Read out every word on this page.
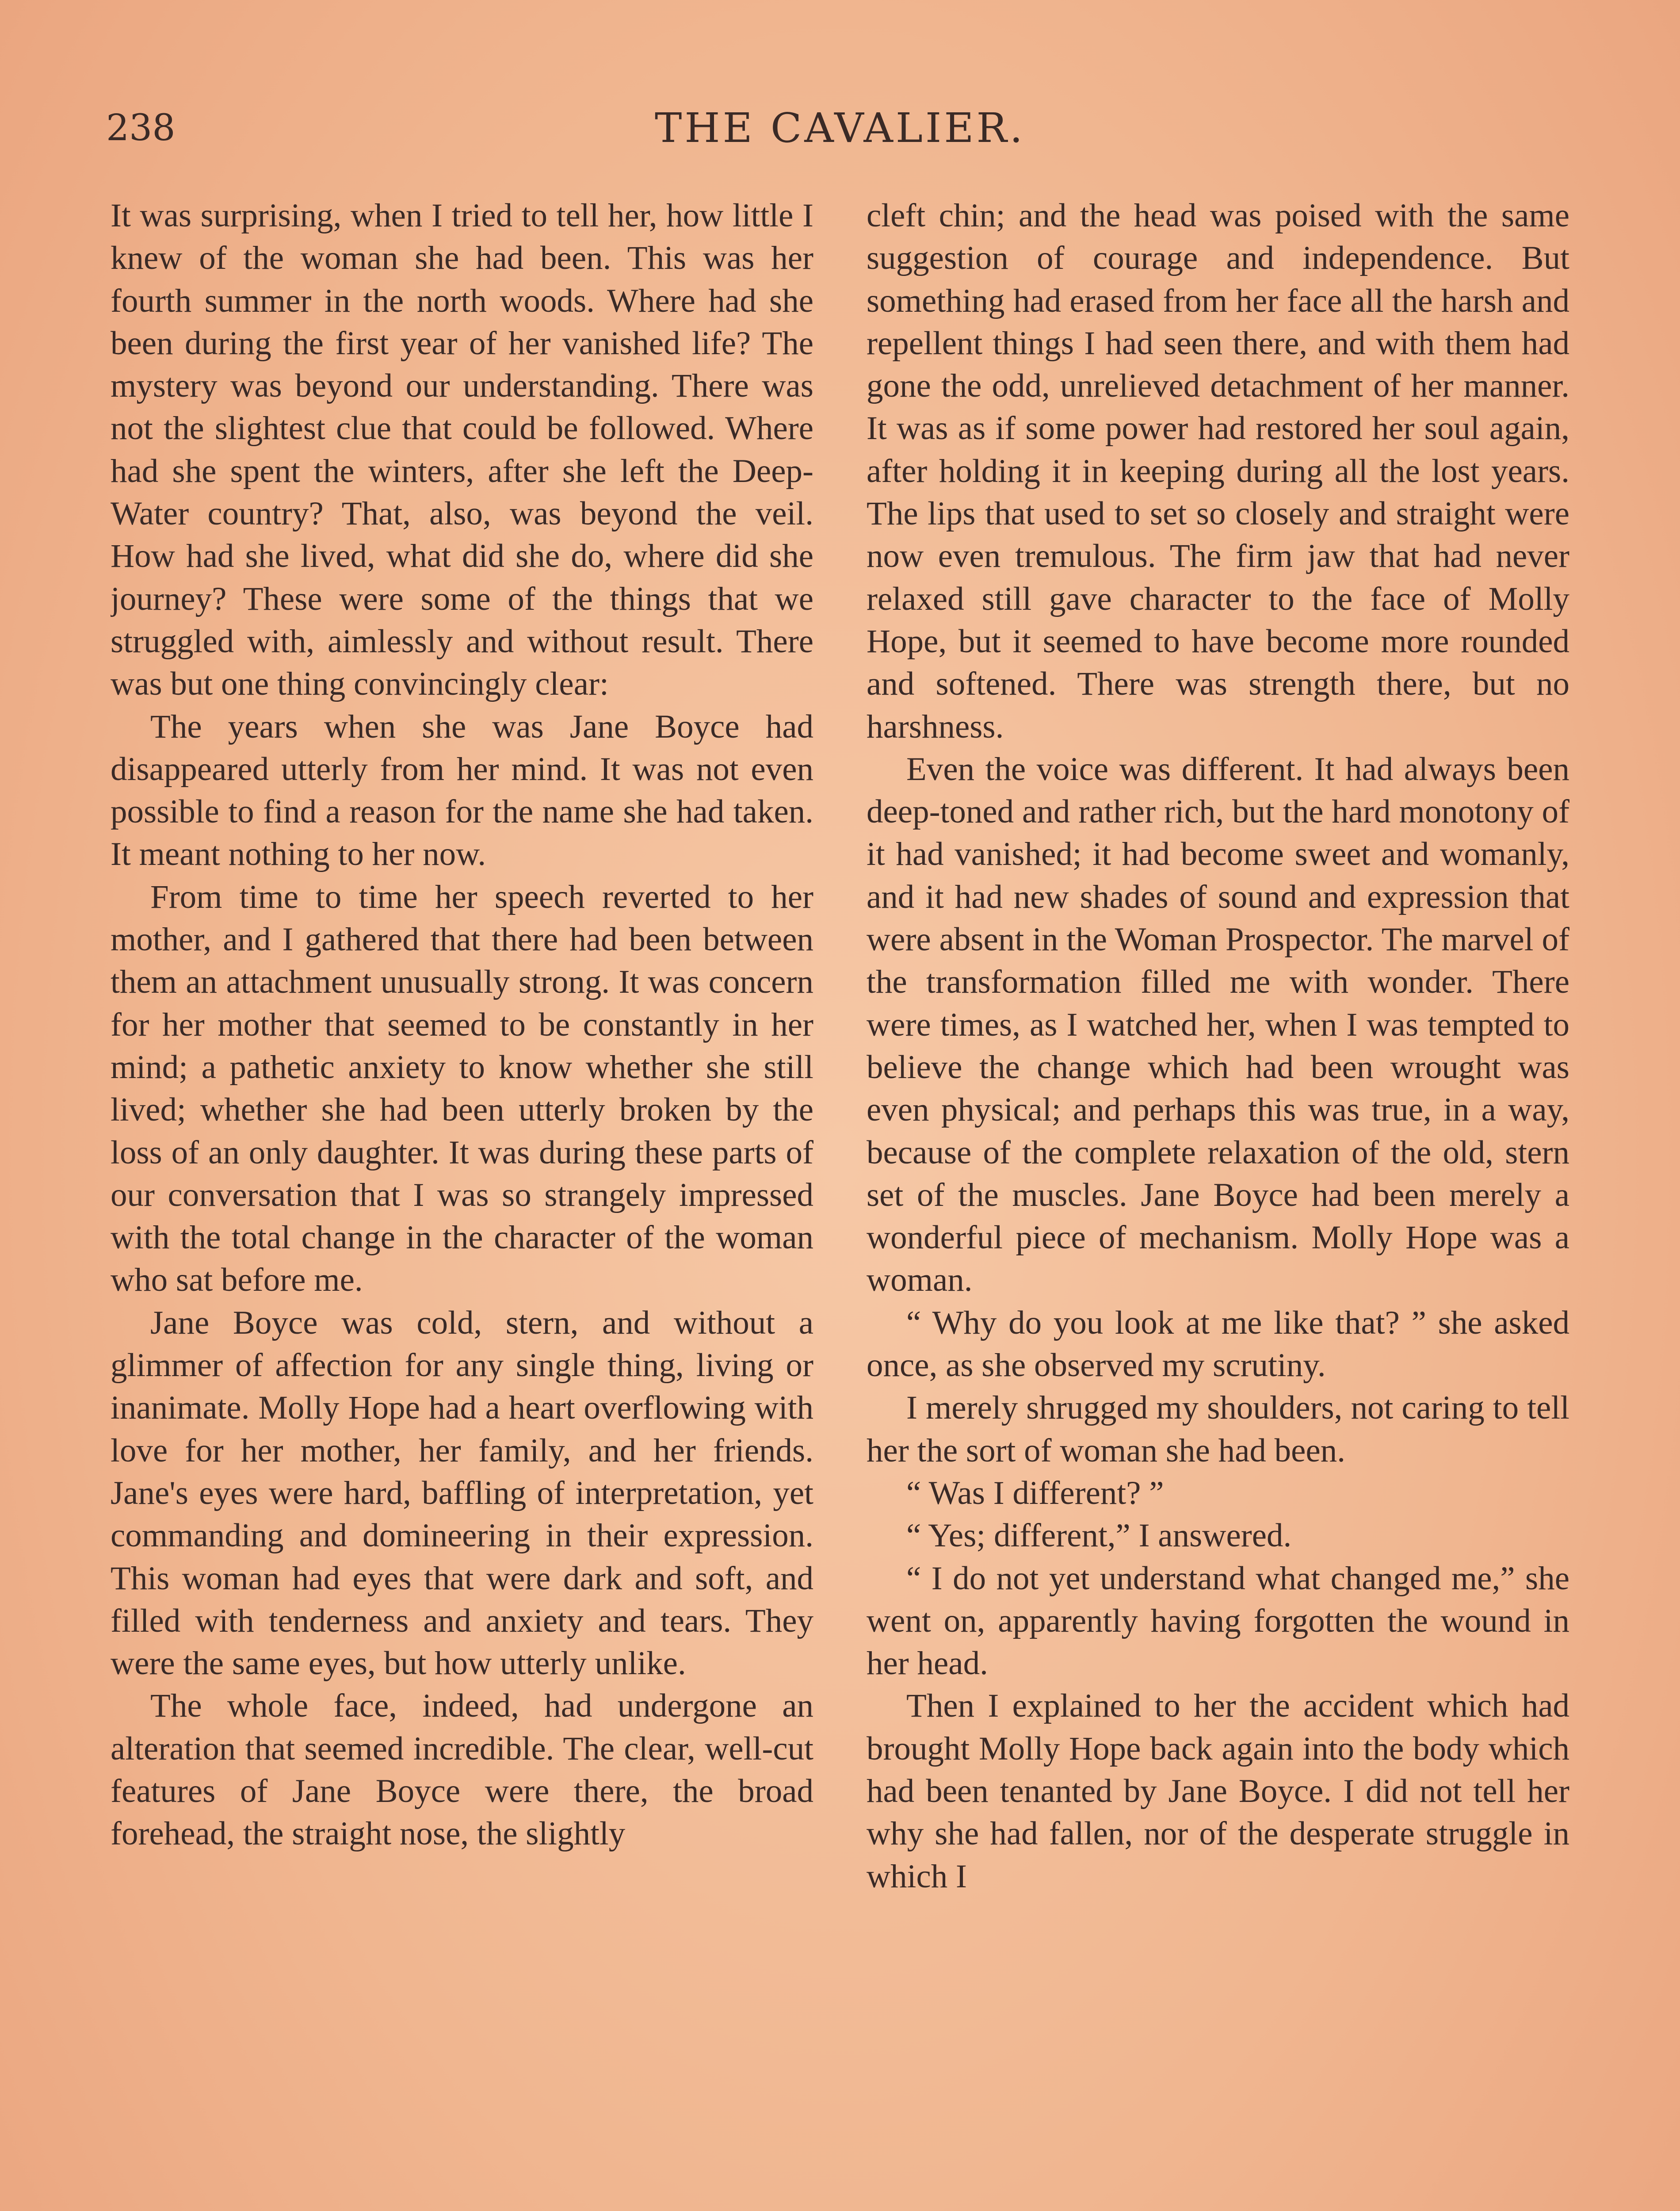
238	THE CAVALIER.

It was surprising, when I tried to tell her, how little I knew of the woman she had been. This was her fourth summer in the north woods. Where had she been during the first year of her vanished life? The mystery was beyond our understanding. There was not the slightest clue that could be followed. Where had she spent the winters, after she left the Deep-Water country? That, also, was beyond the veil. How had she lived, what did she do, where did she journey? These were some of the things that we struggled with, aimlessly and without result. There was but one thing convincingly clear:

The years when she was Jane Boyce had disappeared utterly from her mind. It was not even possible to find a reason for the name she had taken. It meant nothing to her now.

From time to time her speech reverted to her mother, and I gathered that there had been between them an attachment unusually strong. It was concern for her mother that seemed to be constantly in her mind; a pathetic anxiety to know whether she still lived; whether she had been utterly broken by the loss of an only daughter. It was during these parts of our conversation that I was so strangely impressed with the total change in the character of the woman who sat before me.

Jane Boyce was cold, stern, and without a glimmer of affection for any single thing, living or inanimate. Molly Hope had a heart overflowing with love for her mother, her family, and her friends. Jane's eyes were hard, baffling of interpretation, yet commanding and domineering in their expression. This woman had eyes that were dark and soft, and filled with tenderness and anxiety and tears. They were the same eyes, but how utterly unlike.

The whole face, indeed, had undergone an alteration that seemed incredible. The clear, well-cut features of Jane Boyce were there, the broad forehead, the straight nose, the slightly

cleft chin; and the head was poised with the same suggestion of courage and independence. But something had erased from her face all the harsh and repellent things I had seen there, and with them had gone the odd, unrelieved detachment of her manner. It was as if some power had restored her soul again, after holding it in keeping during all the lost years. The lips that used to set so closely and straight were now even tremulous. The firm jaw that had never relaxed still gave character to the face of Molly Hope, but it seemed to have become more rounded and softened. There was strength there, but no harshness.

Even the voice was different. It had always been deep-toned and rather rich, but the hard monotony of it had vanished; it had become sweet and womanly, and it had new shades of sound and expression that were absent in the Woman Prospector. The marvel of the transformation filled me with wonder. There were times, as I watched her, when I was tempted to believe the change which had been wrought was even physical; and perhaps this was true, in a way, because of the complete relaxation of the old, stern set of the muscles. Jane Boyce had been merely a wonderful piece of mechanism. Molly Hope was a woman.

“ Why do you look at me like that? ” she asked once, as she observed my scrutiny.

I merely shrugged my shoulders, not caring to tell her the sort of woman she had been.

“ Was I different? ”

“ Yes; different,” I answered.

“ I do not yet understand what changed me,” she went on, apparently having forgotten the wound in her head.

Then I explained to her the accident which had brought Molly Hope back again into the body which had been tenanted by Jane Boyce. I did not tell her why she had fallen, nor of the desperate struggle in which I
